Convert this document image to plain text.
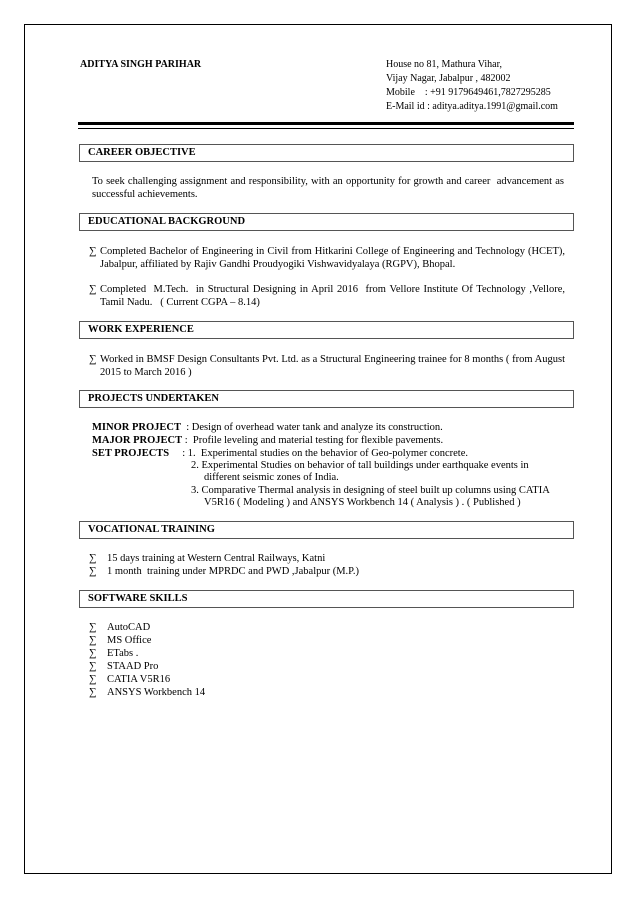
ADITYA SINGH PARIHAR	House no 81, Mathura Vihar,
Vijay Nagar, Jabalpur , 482002
Mobile    : +91 9179649461,7827295285
E-Mail id : aditya.aditya.1991@gmail.com
CAREER OBJECTIVE
To seek challenging assignment and responsibility, with an opportunity for growth and career  advancement as successful achievements.
EDUCATIONAL BACKGROUND
∑ Completed Bachelor of Engineering in Civil from Hitkarini College of Engineering and Technology (HCET), Jabalpur, affiliated by Rajiv Gandhi Proudyogiki Vishwavidyalaya (RGPV), Bhopal.
∑ Completed  M.Tech.  in Structural Designing in April 2016  from Vellore Institute Of Technology ,Vellore, Tamil Nadu.   ( Current CGPA – 8.14)
WORK EXPERIENCE
∑ Worked in BMSF Design Consultants Pvt. Ltd. as a Structural Engineering trainee for 8 months ( from August 2015 to March 2016 )
PROJECTS UNDERTAKEN
MINOR PROJECT  : Design of overhead water tank and analyze its construction.
MAJOR PROJECT :  Profile leveling and material testing for flexible pavements.
SET PROJECTS     : 1.  Experimental studies on the behavior of Geo-polymer concrete.
2. Experimental Studies on behavior of tall buildings under earthquake events in
different seismic zones of India.
3. Comparative Thermal analysis in designing of steel built up columns using CATIA
V5R16 ( Modeling ) and ANSYS Workbench 14 ( Analysis ) . ( Published )
VOCATIONAL TRAINING
∑ 15 days training at Western Central Railways, Katni
∑ 1 month  training under MPRDC and PWD ,Jabalpur (M.P.)
SOFTWARE SKILLS
∑ AutoCAD
∑ MS Office
∑ ETabs .
∑ STAAD Pro
∑ CATIA V5R16
∑ ANSYS Workbench 14
